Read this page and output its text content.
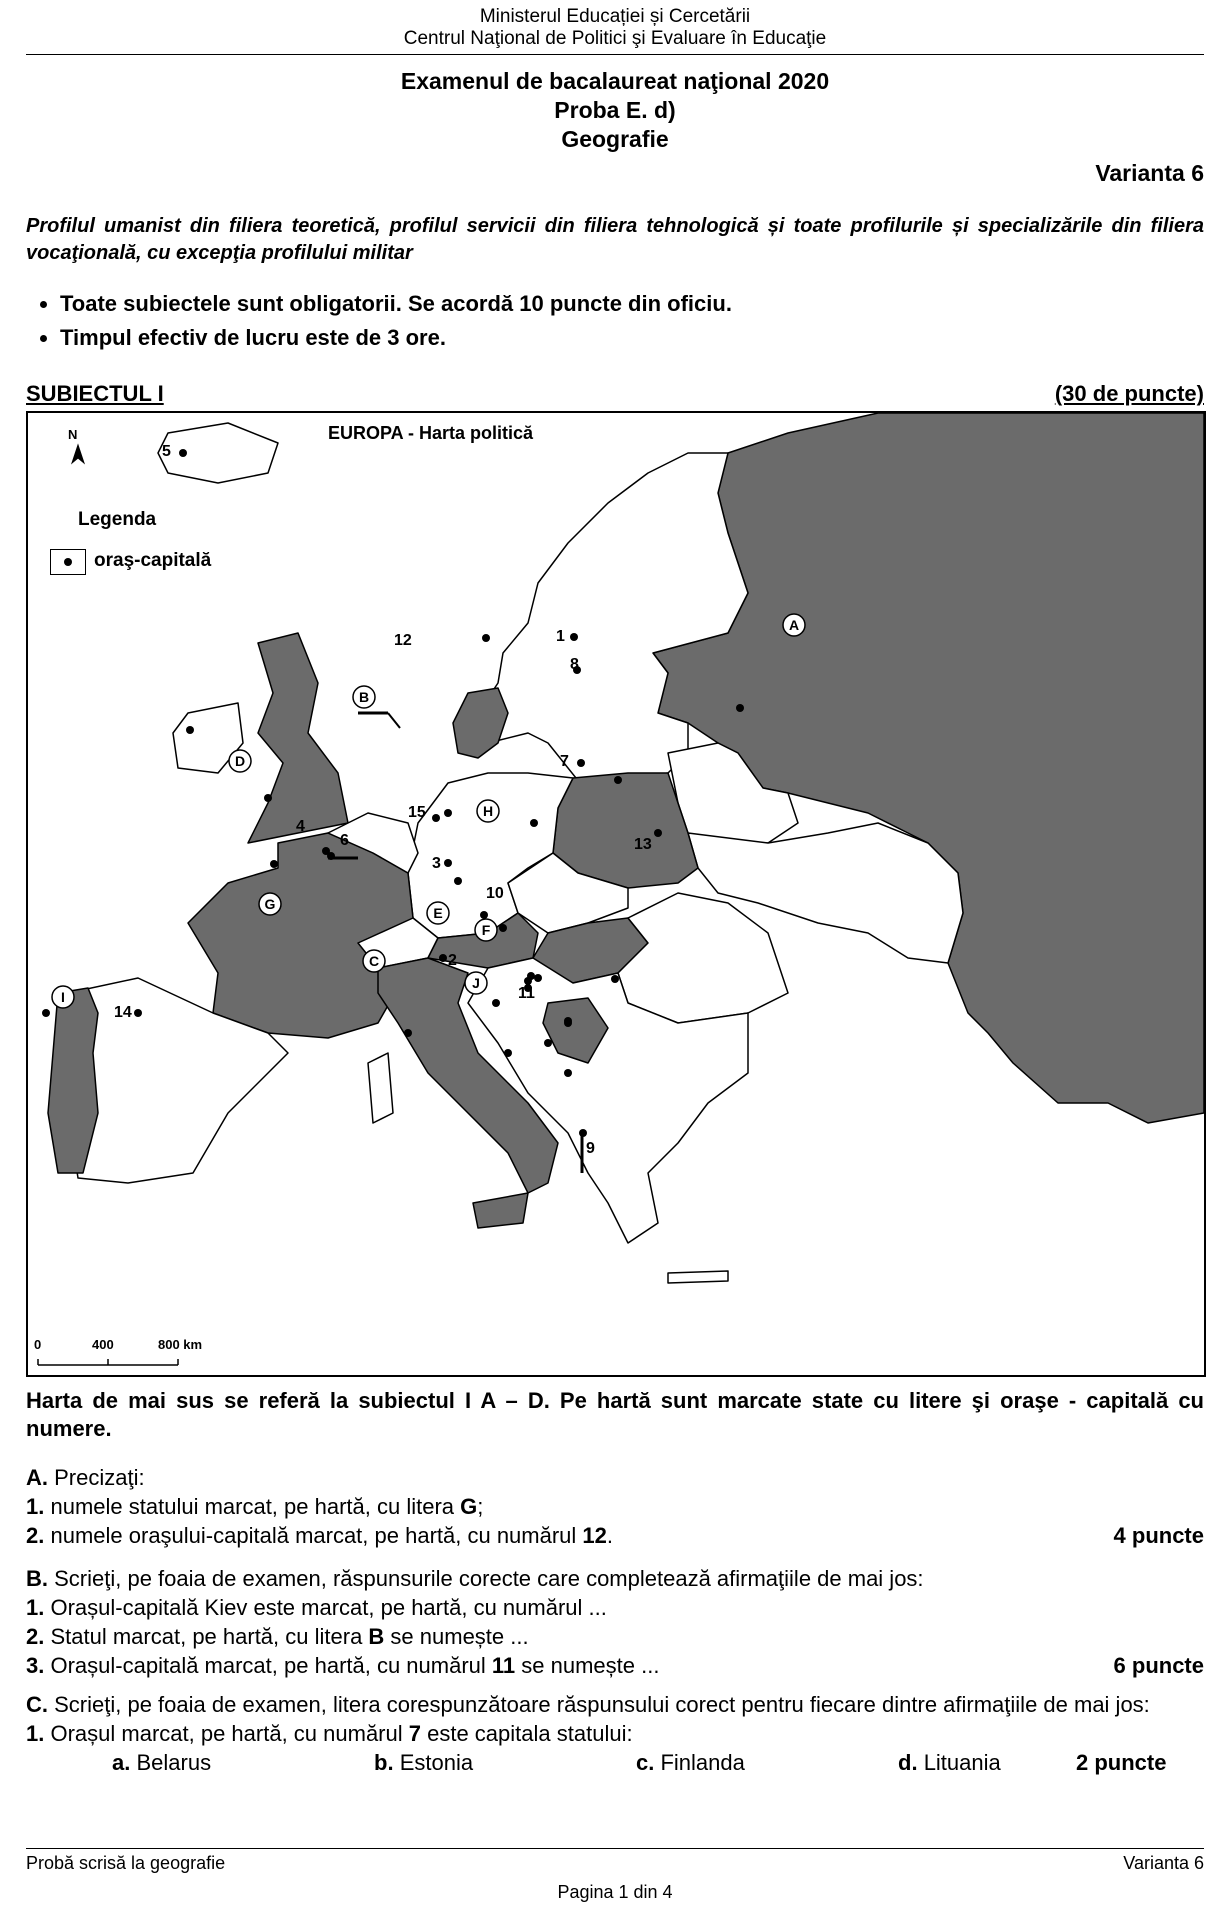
Ministerul Educației și Cercetării
Centrul Naţional de Politici şi Evaluare în Educaţie
Examenul de bacalaureat naţional 2020
Proba E. d)
Geografie
Varianta 6
Profilul umanist din filiera teoretică, profilul servicii din filiera tehnologică și toate profilurile și specializările din filiera vocaţională, cu excepţia profilului militar
• Toate subiectele sunt obligatorii. Se acordă 10 puncte din oficiu.
• Timpul efectiv de lucru este de 3 ore.
SUBIECTUL I	(30 de puncte)
A
B
C
D
E
F
G
H
I
J
1
2
3
4
5
6
7
8
9
10
11
12
13
14
15
N	EUROPA - Harta politică
Legenda
oraş-capitală
0	400	800 km
Harta de mai sus se referă la subiectul I A – D. Pe hartă sunt marcate state cu litere şi oraşe - capitală cu numere.
A. Precizaţi:
1. numele statului marcat, pe hartă, cu litera G;
2. numele oraşului-capitală marcat, pe hartă, cu numărul 12.	4 puncte
B. Scrieţi, pe foaia de examen, răspunsurile corecte care completează afirmaţiile de mai jos:
1. Orașul-capitală Kiev este marcat, pe hartă, cu numărul ...
2. Statul marcat, pe hartă, cu litera B se numește ...
3. Orașul-capitală marcat, pe hartă, cu numărul 11 se numește ...	6 puncte
C. Scrieţi, pe foaia de examen, litera corespunzătoare răspunsului corect pentru fiecare dintre afirmaţiile de mai jos:
1. Orașul marcat, pe hartă, cu numărul 7 este capitala statului:
a. Belarus	b. Estonia	c. Finlanda	d. Lituania	2 puncte
Probă scrisă la geografie	Varianta 6
Pagina 1 din 4
